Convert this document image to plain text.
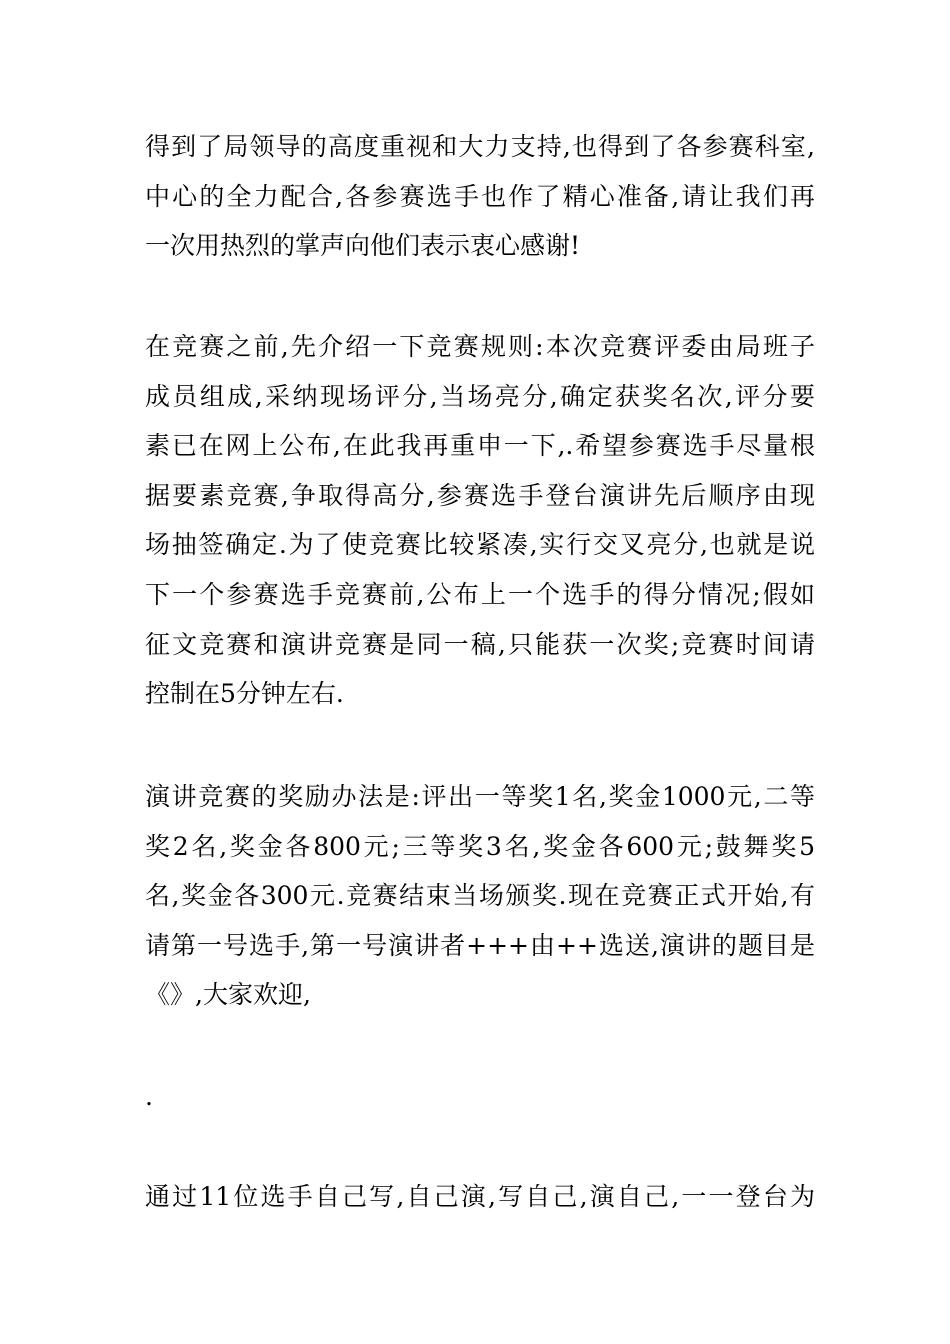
得到了局领导的高度重视和大力支持,也得到了各参赛科室,
中心的全力配合,各参赛选手也作了精心准备,请让我们再
一次用热烈的掌声向他们表示衷心感谢!
在竞赛之前,先介绍一下竞赛规则:本次竞赛评委由局班子
成员组成,采纳现场评分,当场亮分,确定获奖名次,评分要
素已在网上公布,在此我再重申一下,.希望参赛选手尽量根
据要素竞赛,争取得高分,参赛选手登台演讲先后顺序由现
场抽签确定.为了使竞赛比较紧凑,实行交叉亮分,也就是说
下一个参赛选手竞赛前,公布上一个选手的得分情况;假如
征文竞赛和演讲竞赛是同一稿,只能获一次奖;竞赛时间请
控制在5分钟左右.
演讲竞赛的奖励办法是:评出一等奖1名,奖金1000元,二等
奖2名,奖金各800元;三等奖3名,奖金各600元;鼓舞奖5
名,奖金各300元.竞赛结束当场颁奖.现在竞赛正式开始,有
请第一号选手,第一号演讲者+++由++选送,演讲的题目是
《》,大家欢迎,
.
通过11位选手自己写,自己演,写自己,演自己,一一登台为
